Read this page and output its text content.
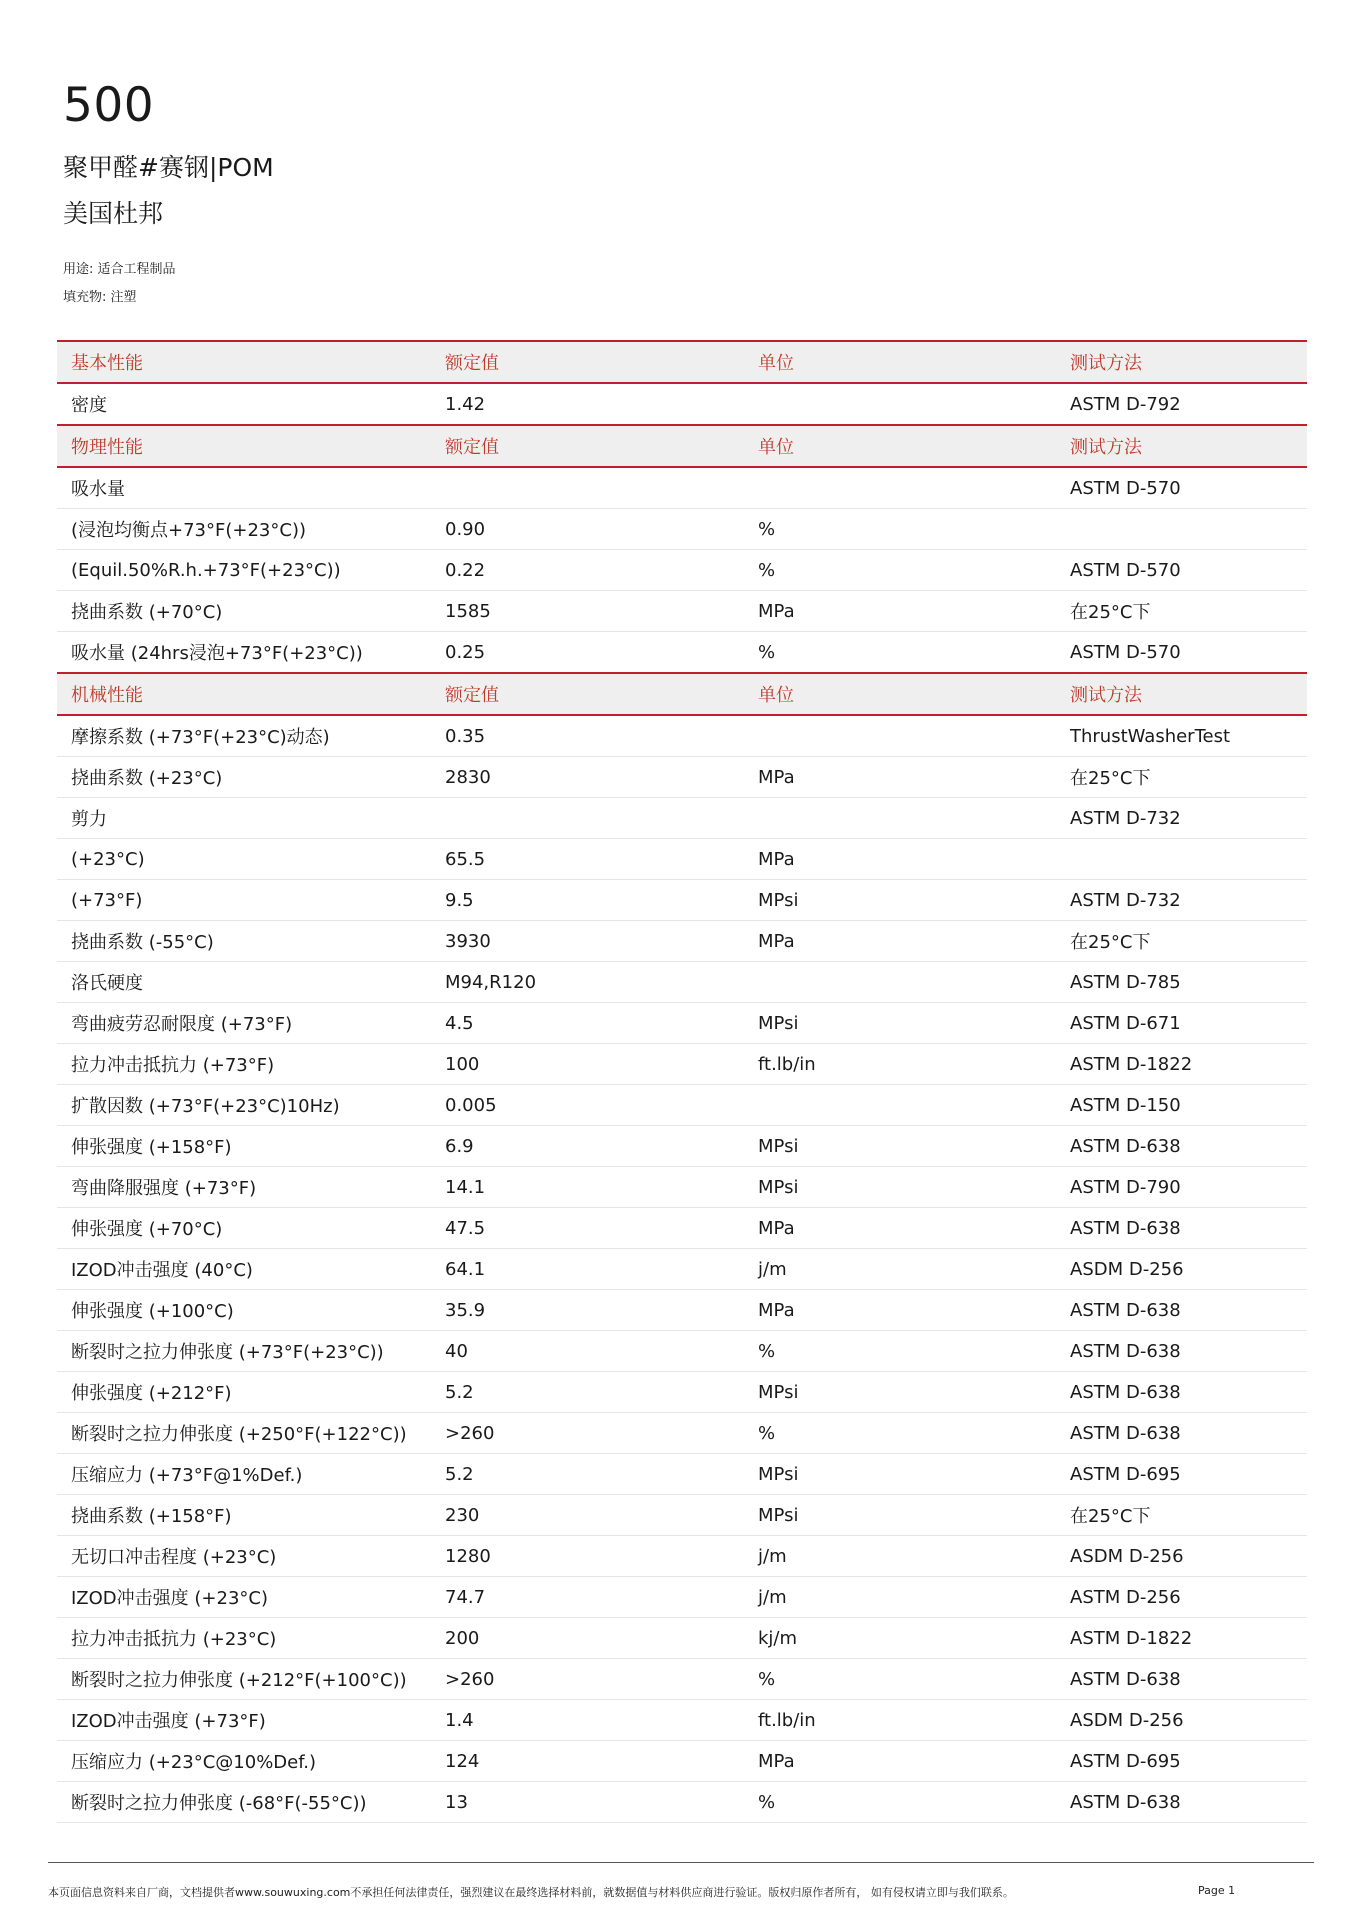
500
聚甲醛#赛钢|POM
美国杜邦
用途: 适合工程制品
填充物: 注塑
基本性能	额定值	单位	测试方法
密度	1.42		ASTM D-792
物理性能	额定值	单位	测试方法
吸水量			ASTM D-570
(浸泡均衡点+73°F(+23°C))	0.90	%	
(Equil.50%R.h.+73°F(+23°C))	0.22	%	ASTM D-570
挠曲系数 (+70°C)	1585	MPa	在25°C下
吸水量 (24hrs浸泡+73°F(+23°C))	0.25	%	ASTM D-570
机械性能	额定值	单位	测试方法
摩擦系数 (+73°F(+23°C)动态)	0.35		ThrustWasherTest
挠曲系数 (+23°C)	2830	MPa	在25°C下
剪力			ASTM D-732
(+23°C)	65.5	MPa	
(+73°F)	9.5	MPsi	ASTM D-732
挠曲系数 (-55°C)	3930	MPa	在25°C下
洛氏硬度	M94,R120		ASTM D-785
弯曲疲劳忍耐限度 (+73°F)	4.5	MPsi	ASTM D-671
拉力冲击抵抗力 (+73°F)	100	ft.lb/in	ASTM D-1822
扩散因数 (+73°F(+23°C)10Hz)	0.005		ASTM D-150
伸张强度 (+158°F)	6.9	MPsi	ASTM D-638
弯曲降服强度 (+73°F)	14.1	MPsi	ASTM D-790
伸张强度 (+70°C)	47.5	MPa	ASTM D-638
IZOD冲击强度 (40°C)	64.1	j/m	ASDM D-256
伸张强度 (+100°C)	35.9	MPa	ASTM D-638
断裂时之拉力伸张度 (+73°F(+23°C))	40	%	ASTM D-638
伸张强度 (+212°F)	5.2	MPsi	ASTM D-638
断裂时之拉力伸张度 (+250°F(+122°C))	>260	%	ASTM D-638
压缩应力 (+73°F@1%Def.)	5.2	MPsi	ASTM D-695
挠曲系数 (+158°F)	230	MPsi	在25°C下
无切口冲击程度 (+23°C)	1280	j/m	ASDM D-256
IZOD冲击强度 (+23°C)	74.7	j/m	ASTM D-256
拉力冲击抵抗力 (+23°C)	200	kj/m	ASTM D-1822
断裂时之拉力伸张度 (+212°F(+100°C))	>260	%	ASTM D-638
IZOD冲击强度 (+73°F)	1.4	ft.lb/in	ASDM D-256
压缩应力 (+23°C@10%Def.)	124	MPa	ASTM D-695
断裂时之拉力伸张度 (-68°F(-55°C))	13	%	ASTM D-638
本页面信息资料来自厂商，文档提供者www.souwuxing.com不承担任何法律责任，强烈建议在最终选择材料前，就数据值与材料供应商进行验证。版权归原作者所有， 如有侵权请立即与我们联系。	Page 1
